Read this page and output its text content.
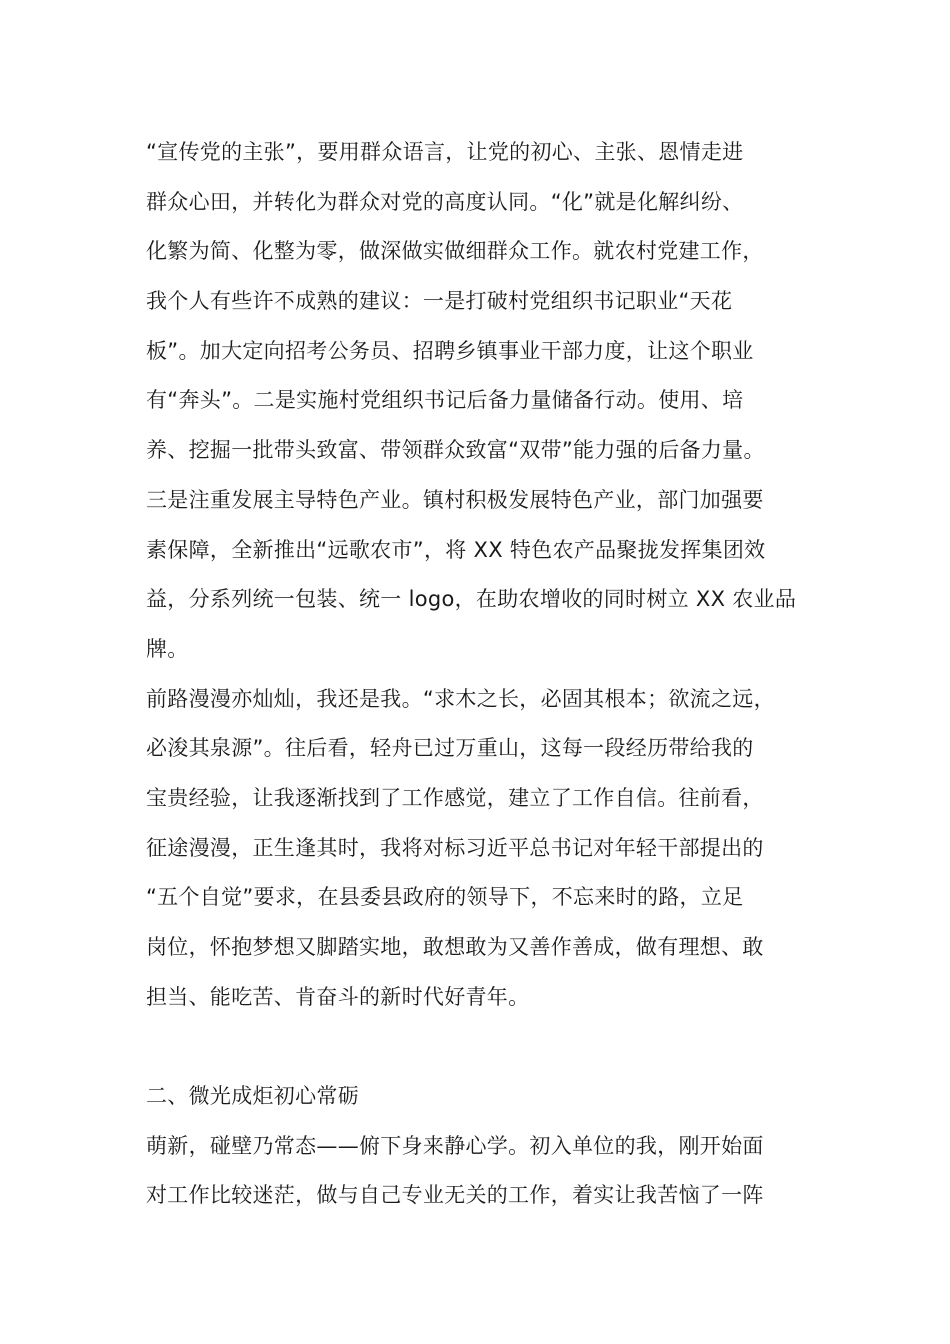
“宣传党的主张”，要用群众语言，让党的初心、主张、恩情走进
群众心田，并转化为群众对党的高度认同。“化”就是化解纠纷、
化繁为简、化整为零，做深做实做细群众工作。就农村党建工作，
我个人有些许不成熟的建议：一是打破村党组织书记职业“天花
板”。加大定向招考公务员、招聘乡镇事业干部力度，让这个职业
有“奔头”。二是实施村党组织书记后备力量储备行动。使用、培
养、挖掘一批带头致富、带领群众致富“双带”能力强的后备力量。
三是注重发展主导特色产业。镇村积极发展特色产业，部门加强要
素保障，全新推出“远歌农市”，将 XX 特色农产品聚拢发挥集团效
益，分系列统一包装、统一 logo，在助农增收的同时树立 XX 农业品
牌。
前路漫漫亦灿灿，我还是我。“求木之长，必固其根本；欲流之远，
必浚其泉源”。往后看，轻舟已过万重山，这每一段经历带给我的
宝贵经验，让我逐渐找到了工作感觉，建立了工作自信。往前看，
征途漫漫，正生逢其时，我将对标习近平总书记对年轻干部提出的
“五个自觉”要求，在县委县政府的领导下，不忘来时的路，立足
岗位，怀抱梦想又脚踏实地，敢想敢为又善作善成，做有理想、敢
担当、能吃苦、肯奋斗的新时代好青年。
二、微光成炬初心常砺
萌新，碰壁乃常态——俯下身来静心学。初入单位的我，刚开始面
对工作比较迷茫，做与自己专业无关的工作，着实让我苦恼了一阵
